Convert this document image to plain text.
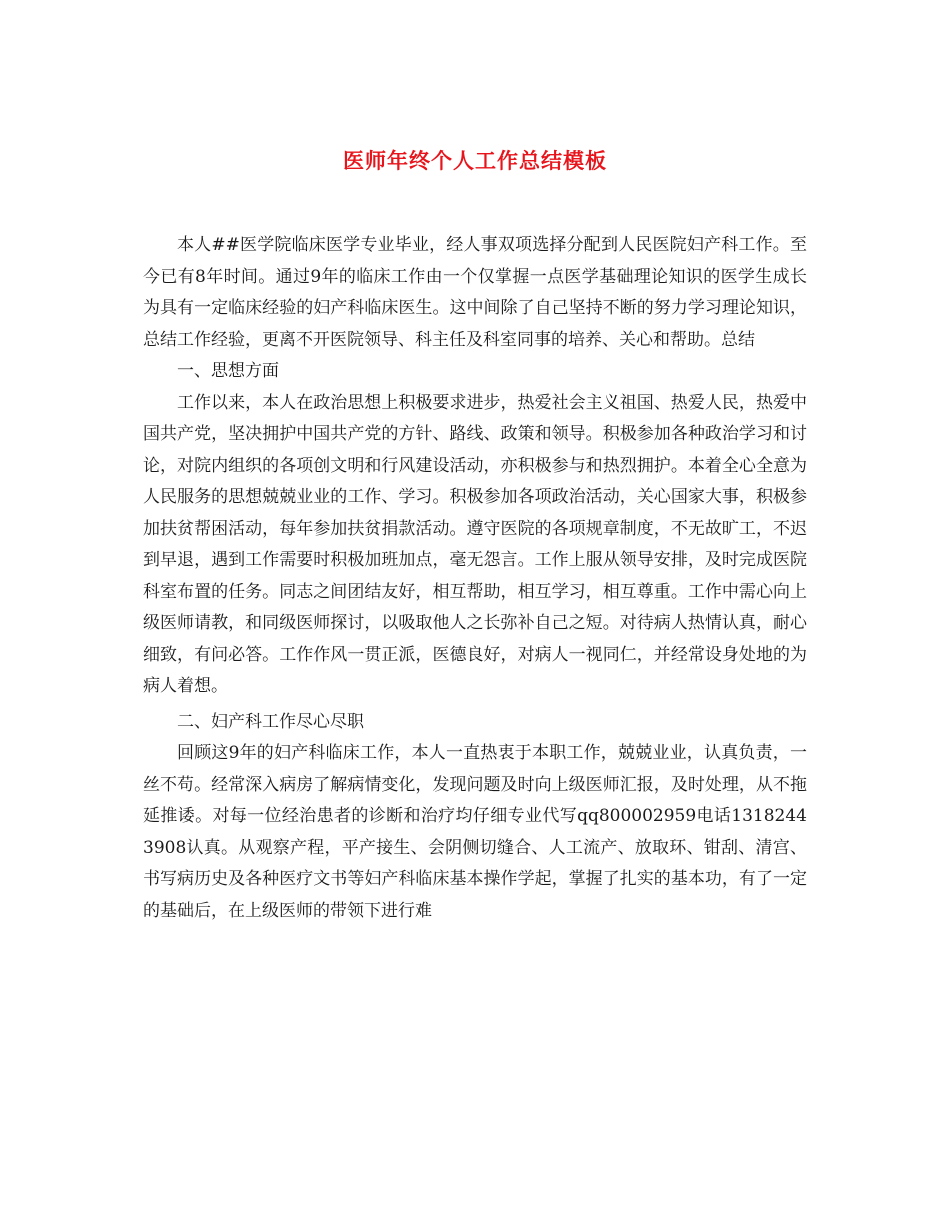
医师年终个人工作总结模板

本人##医学院临床医学专业毕业，经人事双项选择分配到人民医院妇产科工作。至今已有8年时间。通过9年的临床工作由一个仅掌握一点医学基础理论知识的医学生成长为具有一定临床经验的妇产科临床医生。这中间除了自己坚持不断的努力学习理论知识，总结工作经验，更离不开医院领导、科主任及科室同事的培养、关心和帮助。总结

一、思想方面

工作以来，本人在政治思想上积极要求进步，热爱社会主义祖国、热爱人民，热爱中国共产党，坚决拥护中国共产党的方针、路线、政策和领导。积极参加各种政治学习和讨论，对院内组织的各项创文明和行风建设活动，亦积极参与和热烈拥护。本着全心全意为人民服务的思想兢兢业业的工作、学习。积极参加各项政治活动，关心国家大事，积极参加扶贫帮困活动，每年参加扶贫捐款活动。遵守医院的各项规章制度，不无故旷工，不迟到早退，遇到工作需要时积极加班加点，毫无怨言。工作上服从领导安排，及时完成医院科室布置的任务。同志之间团结友好，相互帮助，相互学习，相互尊重。工作中需心向上级医师请教，和同级医师探讨，以吸取他人之长弥补自己之短。对待病人热情认真，耐心细致，有问必答。工作作风一贯正派，医德良好，对病人一视同仁，并经常设身处地的为病人着想。

二、妇产科工作尽心尽职

回顾这9年的妇产科临床工作，本人一直热衷于本职工作，兢兢业业，认真负责，一丝不苟。经常深入病房了解病情变化，发现问题及时向上级医师汇报，及时处理，从不拖延推诿。对每一位经治患者的诊断和治疗均仔细专业代写qq800002959电话13182443908认真。从观察产程，平产接生、会阴侧切缝合、人工流产、放取环、钳刮、清宫、书写病历史及各种医疗文书等妇产科临床基本操作学起，掌握了扎实的基本功，有了一定的基础后，在上级医师的带领下进行难
